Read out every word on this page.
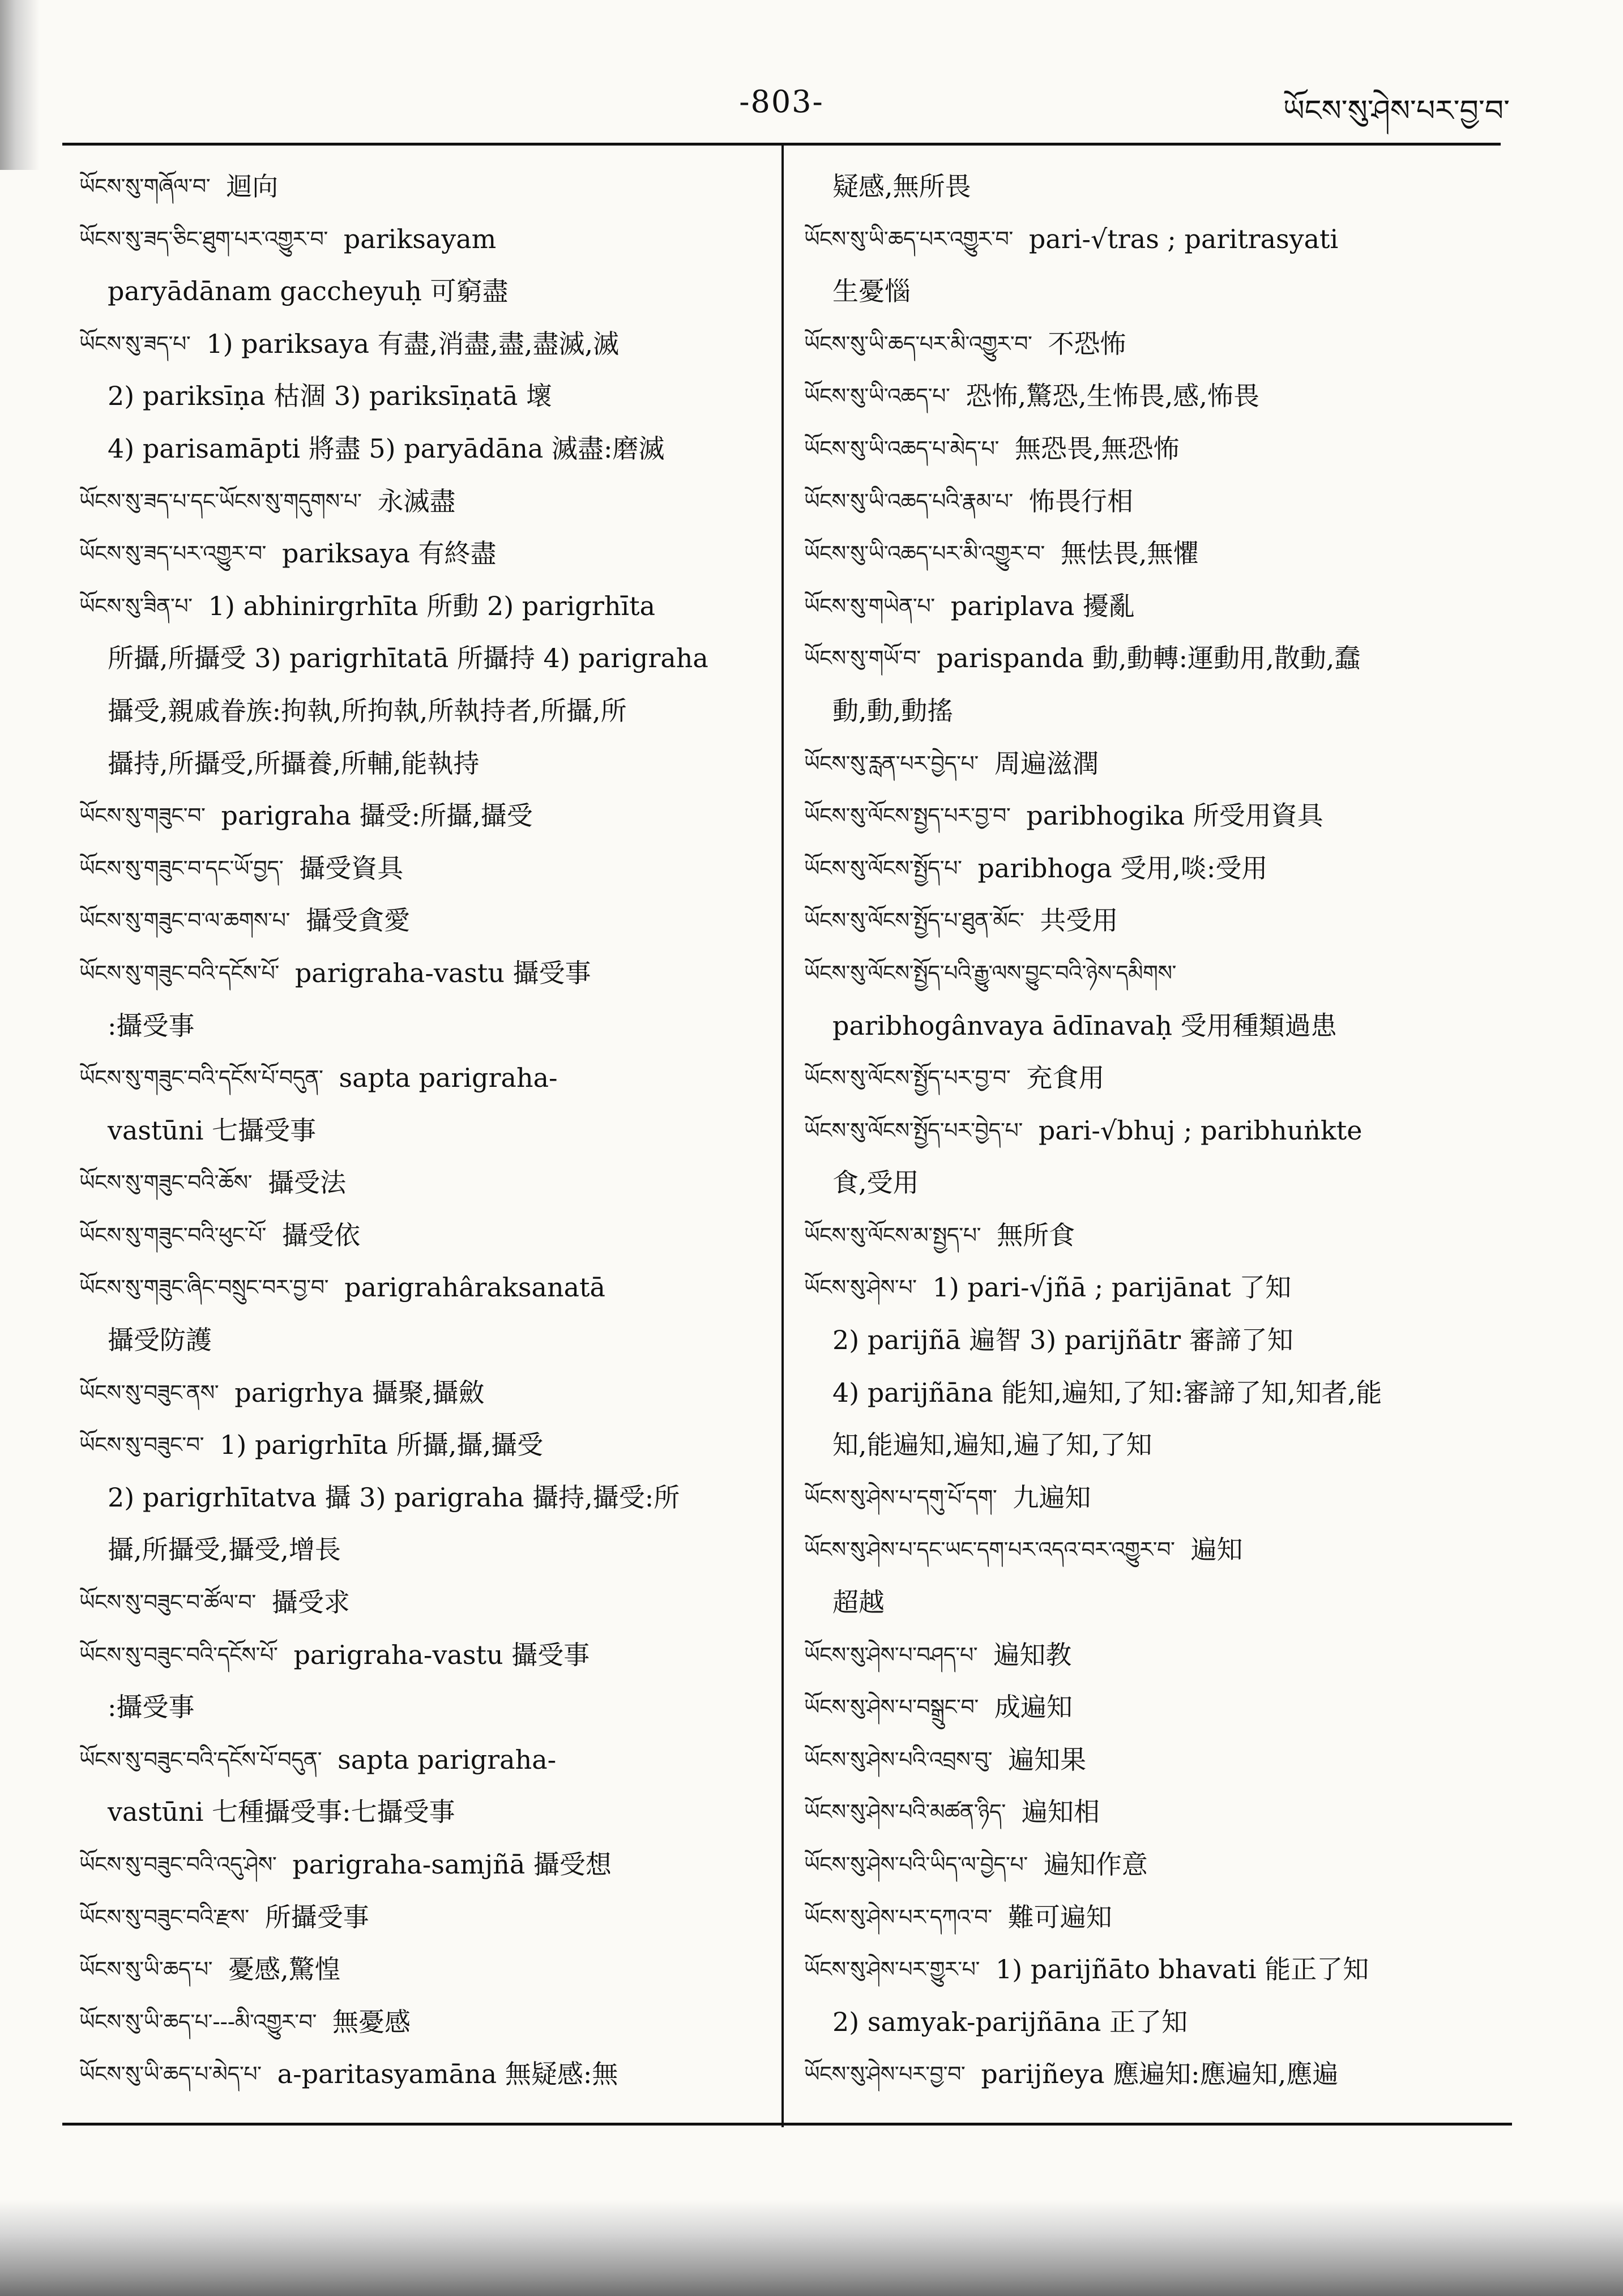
-803-	ཡོངས་སུ་ཤེས་པར་བྱ་བ་
ཡོངས་སུ་གཞོལ་བ་ 迴向
ཡོངས་སུ་ཟད་ཅིང་ཐུག་པར་འགྱུར་བ་ pariksayam
paryādānam gaccheyuḥ 可窮盡
ཡོངས་སུ་ཟད་པ་ 1) pariksaya 有盡,消盡,盡,盡滅,滅
2) pariksīṇa 枯涸 3) pariksīṇatā 壞
4) parisamāpti 將盡 5) paryādāna 滅盡:磨滅
ཡོངས་སུ་ཟད་པ་དང་ཡོངས་སུ་གདུགས་པ་ 永滅盡
ཡོངས་སུ་ཟད་པར་འགྱུར་བ་ pariksaya 有終盡
ཡོངས་སུ་ཟིན་པ་ 1) abhinirgrhīta 所動 2) parigrhīta
所攝,所攝受 3) parigrhītatā 所攝持 4) parigraha
攝受,親戚眷族:拘執,所拘執,所執持者,所攝,所
攝持,所攝受,所攝養,所輔,能執持
ཡོངས་སུ་གཟུང་བ་ parigraha 攝受:所攝,攝受
ཡོངས་སུ་གཟུང་བ་དང་ཡོ་བྱད་ 攝受資具
ཡོངས་སུ་གཟུང་བ་ལ་ཆགས་པ་ 攝受貪愛
ཡོངས་སུ་གཟུང་བའི་དངོས་པོ་ parigraha-vastu 攝受事
:攝受事
ཡོངས་སུ་གཟུང་བའི་དངོས་པོ་བདུན་ sapta parigraha-
vastūni 七攝受事
ཡོངས་སུ་གཟུང་བའི་ཆོས་ 攝受法
ཡོངས་སུ་གཟུང་བའི་ཕུང་པོ་ 攝受依
ཡོངས་སུ་གཟུང་ཞིང་བསྲུང་བར་བྱ་བ་ parigrahâraksanatā
攝受防護
ཡོངས་སུ་བཟུང་ནས་ parigrhya 攝聚,攝斂
ཡོངས་སུ་བཟུང་བ་ 1) parigrhīta 所攝,攝,攝受
2) parigrhītatva 攝 3) parigraha 攝持,攝受:所
攝,所攝受,攝受,增長
ཡོངས་སུ་བཟུང་བ་ཚོལ་བ་ 攝受求
ཡོངས་སུ་བཟུང་བའི་དངོས་པོ་ parigraha-vastu 攝受事
:攝受事
ཡོངས་སུ་བཟུང་བའི་དངོས་པོ་བདུན་ sapta parigraha-
vastūni 七種攝受事:七攝受事
ཡོངས་སུ་བཟུང་བའི་འདུ་ཤེས་ parigraha-samjñā 攝受想
ཡོངས་སུ་བཟུང་བའི་རྫས་ 所攝受事
ཡོངས་སུ་ཡི་ཆད་པ་ 憂感,驚惶
ཡོངས་སུ་ཡི་ཆད་པ་---མི་འགྱུར་བ་ 無憂感
ཡོངས་སུ་ཡི་ཆད་པ་མེད་པ་ a-paritasyamāna 無疑感:無
疑感,無所畏
ཡོངས་སུ་ཡི་ཆད་པར་འགྱུར་བ་ pari-√tras ; paritrasyati
生憂惱
ཡོངས་སུ་ཡི་ཆད་པར་མི་འགྱུར་བ་ 不恐怖
ཡོངས་སུ་ཡི་འཆད་པ་ 恐怖,驚恐,生怖畏,感,怖畏
ཡོངས་སུ་ཡི་འཆད་པ་མེད་པ་ 無恐畏,無恐怖
ཡོངས་སུ་ཡི་འཆད་པའི་རྣམ་པ་ 怖畏行相
ཡོངས་སུ་ཡི་འཆད་པར་མི་འགྱུར་བ་ 無怯畏,無懼
ཡོངས་སུ་གཡེན་པ་ pariplava 擾亂
ཡོངས་སུ་གཡོ་བ་ parispanda 動,動轉:運動用,散動,蠢
動,動,動搖
ཡོངས་སུ་རླན་པར་བྱེད་པ་ 周遍滋潤
ཡོངས་སུ་ལོངས་སྤྱད་པར་བྱ་བ་ paribhogika 所受用資具
ཡོངས་སུ་ལོངས་སྤྱོད་པ་ paribhoga 受用,啖:受用
ཡོངས་སུ་ལོངས་སྤྱོད་པ་ཐུན་མོང་ 共受用
ཡོངས་སུ་ལོངས་སྤྱོད་པའི་རྒྱུ་ལས་བྱུང་བའི་ཉེས་དམིགས་
paribhogânvaya ādīnavaḥ 受用種類過患
ཡོངས་སུ་ལོངས་སྤྱོད་པར་བྱ་བ་ 充食用
ཡོངས་སུ་ལོངས་སྤྱོད་པར་བྱེད་པ་ pari-√bhuj ; paribhuṅkte
食,受用
ཡོངས་སུ་ལོངས་མ་སྤྱད་པ་ 無所食
ཡོངས་སུ་ཤེས་པ་ 1) pari-√jñā ; parijānat 了知
2) parijñā 遍智 3) parijñātr 審諦了知
4) parijñāna 能知,遍知,了知:審諦了知,知者,能
知,能遍知,遍知,遍了知,了知
ཡོངས་སུ་ཤེས་པ་དགུ་པོ་དག་ 九遍知
ཡོངས་སུ་ཤེས་པ་དང་ཡང་དག་པར་འདའ་བར་འགྱུར་བ་ 遍知
超越
ཡོངས་སུ་ཤེས་པ་བཤད་པ་ 遍知教
ཡོངས་སུ་ཤེས་པ་བསྒྲུང་བ་ 成遍知
ཡོངས་སུ་ཤེས་པའི་འབྲས་བུ་ 遍知果
ཡོངས་སུ་ཤེས་པའི་མཚན་ཉིད་ 遍知相
ཡོངས་སུ་ཤེས་པའི་ཡིད་ལ་བྱེད་པ་ 遍知作意
ཡོངས་སུ་ཤེས་པར་དཀའ་བ་ 難可遍知
ཡོངས་སུ་ཤེས་པར་གྱུར་པ་ 1) parijñāto bhavati 能正了知
2) samyak-parijñāna 正了知
ཡོངས་སུ་ཤེས་པར་བྱ་བ་ parijñeya 應遍知:應遍知,應遍
